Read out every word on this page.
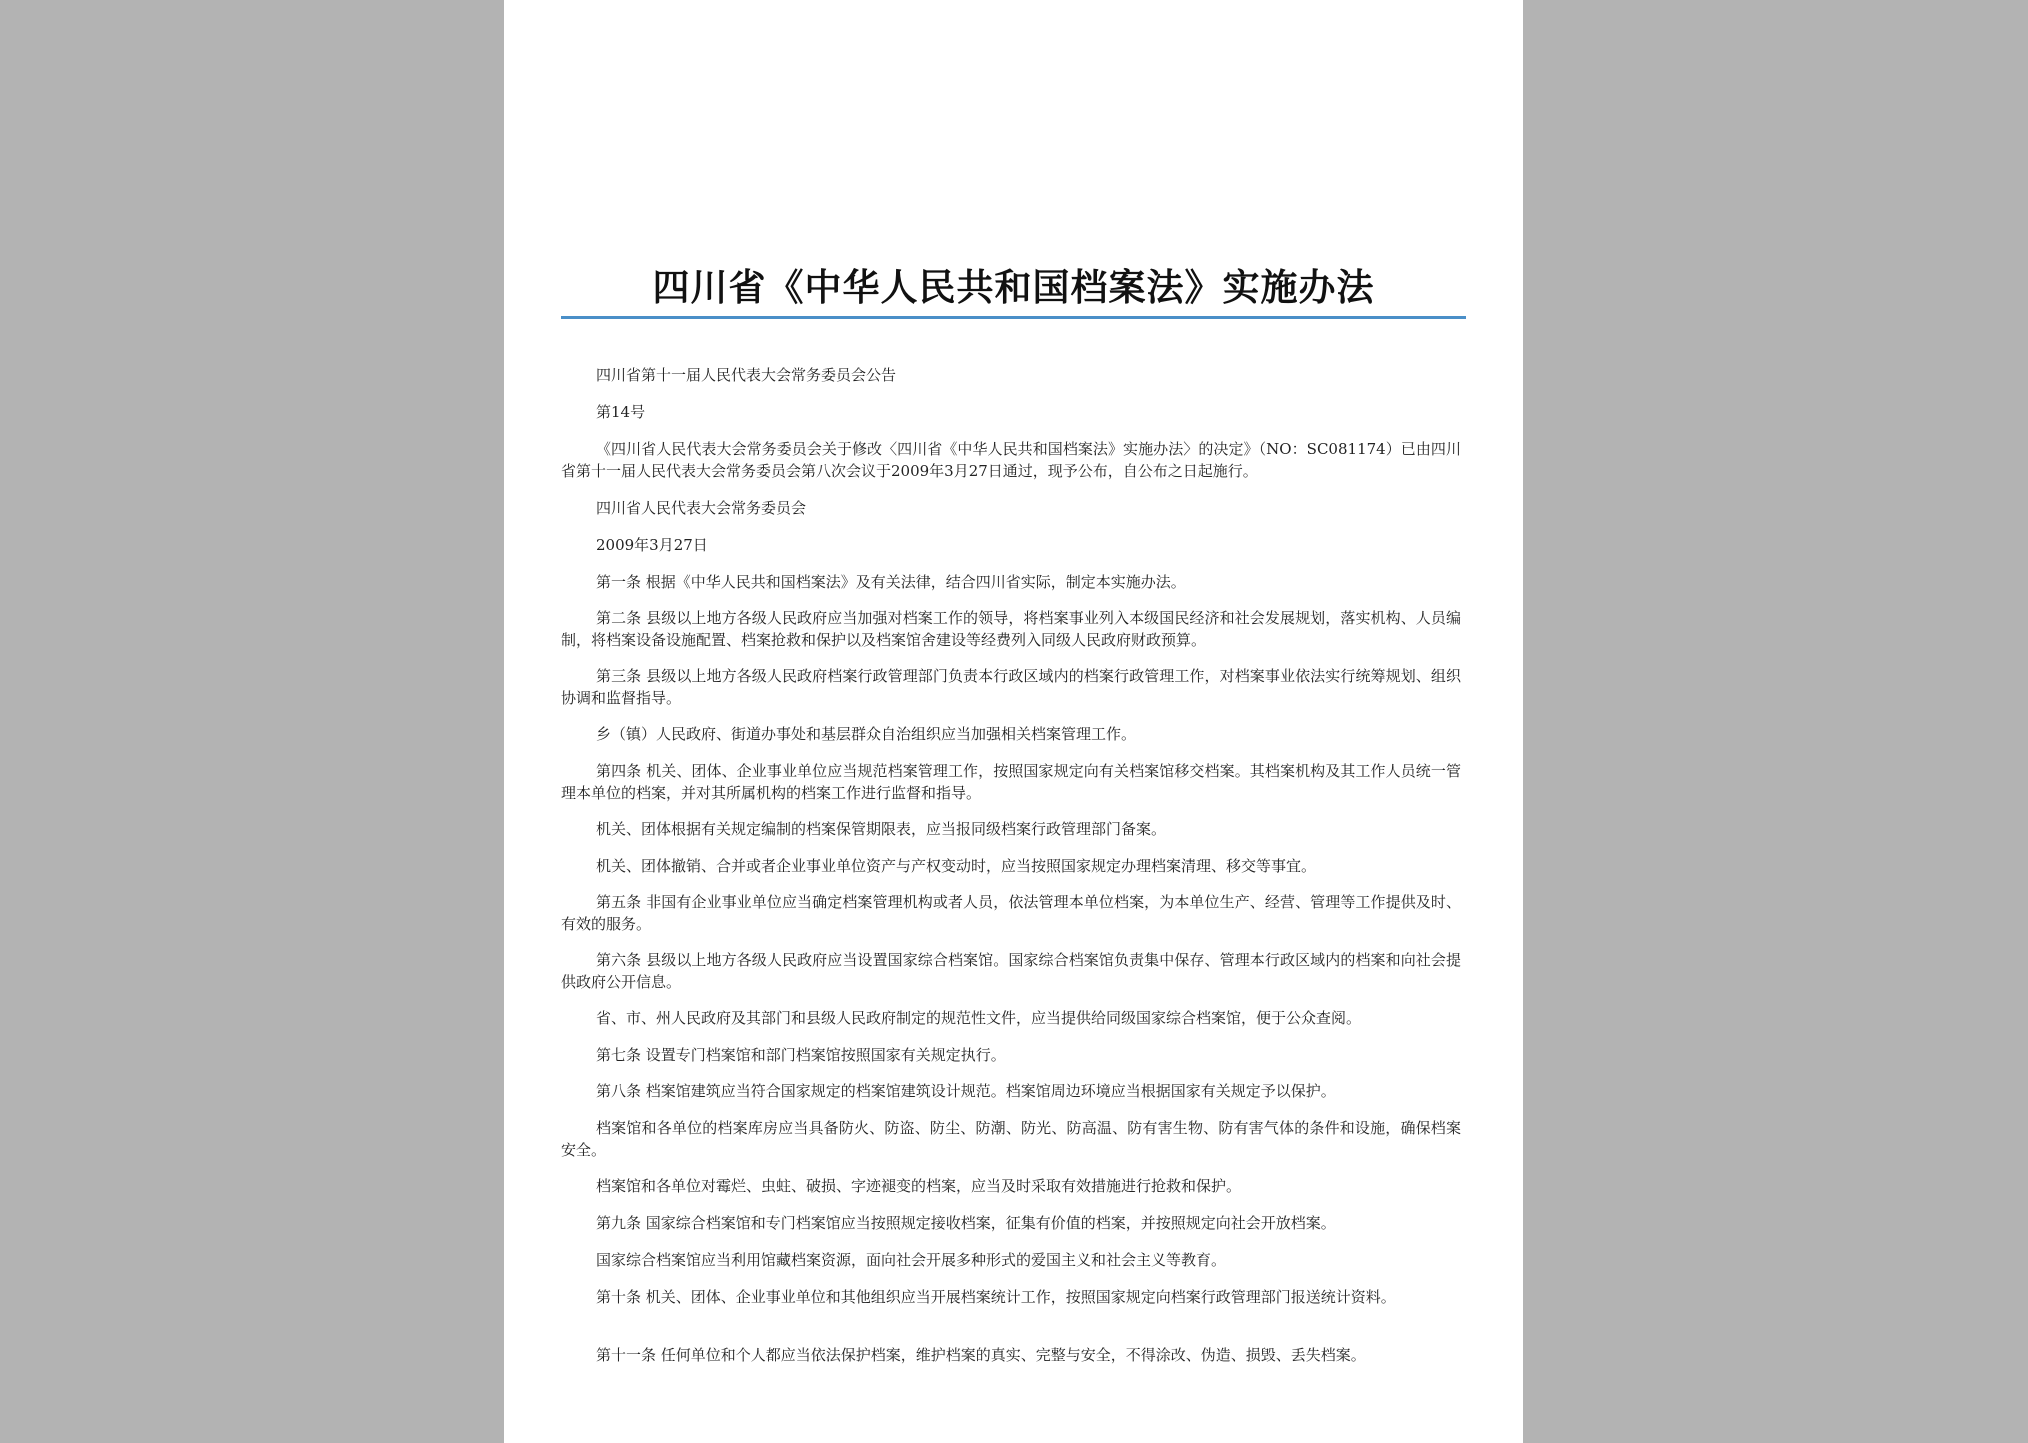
四川省《中华人民共和国档案法》实施办法
四川省第十一届人民代表大会常务委员会公告
第14号
《四川省人民代表大会常务委员会关于修改〈四川省《中华人民共和国档案法》实施办法〉的决定》（NO：SC081174）已由四川省第十一届人民代表大会常务委员会第八次会议于2009年3月27日通过，现予公布，自公布之日起施行。
四川省人民代表大会常务委员会
2009年3月27日
第一条 根据《中华人民共和国档案法》及有关法律，结合四川省实际，制定本实施办法。
第二条 县级以上地方各级人民政府应当加强对档案工作的领导，将档案事业列入本级国民经济和社会发展规划，落实机构、人员编制，将档案设备设施配置、档案抢救和保护以及档案馆舍建设等经费列入同级人民政府财政预算。
第三条 县级以上地方各级人民政府档案行政管理部门负责本行政区域内的档案行政管理工作，对档案事业依法实行统筹规划、组织协调和监督指导。
乡（镇）人民政府、街道办事处和基层群众自治组织应当加强相关档案管理工作。
第四条 机关、团体、企业事业单位应当规范档案管理工作，按照国家规定向有关档案馆移交档案。其档案机构及其工作人员统一管理本单位的档案，并对其所属机构的档案工作进行监督和指导。
机关、团体根据有关规定编制的档案保管期限表，应当报同级档案行政管理部门备案。
机关、团体撤销、合并或者企业事业单位资产与产权变动时，应当按照国家规定办理档案清理、移交等事宜。
第五条 非国有企业事业单位应当确定档案管理机构或者人员，依法管理本单位档案，为本单位生产、经营、管理等工作提供及时、有效的服务。
第六条 县级以上地方各级人民政府应当设置国家综合档案馆。国家综合档案馆负责集中保存、管理本行政区域内的档案和向社会提供政府公开信息。
省、市、州人民政府及其部门和县级人民政府制定的规范性文件，应当提供给同级国家综合档案馆，便于公众查阅。
第七条 设置专门档案馆和部门档案馆按照国家有关规定执行。
第八条 档案馆建筑应当符合国家规定的档案馆建筑设计规范。档案馆周边环境应当根据国家有关规定予以保护。
档案馆和各单位的档案库房应当具备防火、防盗、防尘、防潮、防光、防高温、防有害生物、防有害气体的条件和设施，确保档案安全。
档案馆和各单位对霉烂、虫蛀、破损、字迹褪变的档案，应当及时采取有效措施进行抢救和保护。
第九条 国家综合档案馆和专门档案馆应当按照规定接收档案，征集有价值的档案，并按照规定向社会开放档案。
国家综合档案馆应当利用馆藏档案资源，面向社会开展多种形式的爱国主义和社会主义等教育。
第十条 机关、团体、企业事业单位和其他组织应当开展档案统计工作，按照国家规定向档案行政管理部门报送统计资料。
第十一条 任何单位和个人都应当依法保护档案，维护档案的真实、完整与安全，不得涂改、伪造、损毁、丢失档案。
